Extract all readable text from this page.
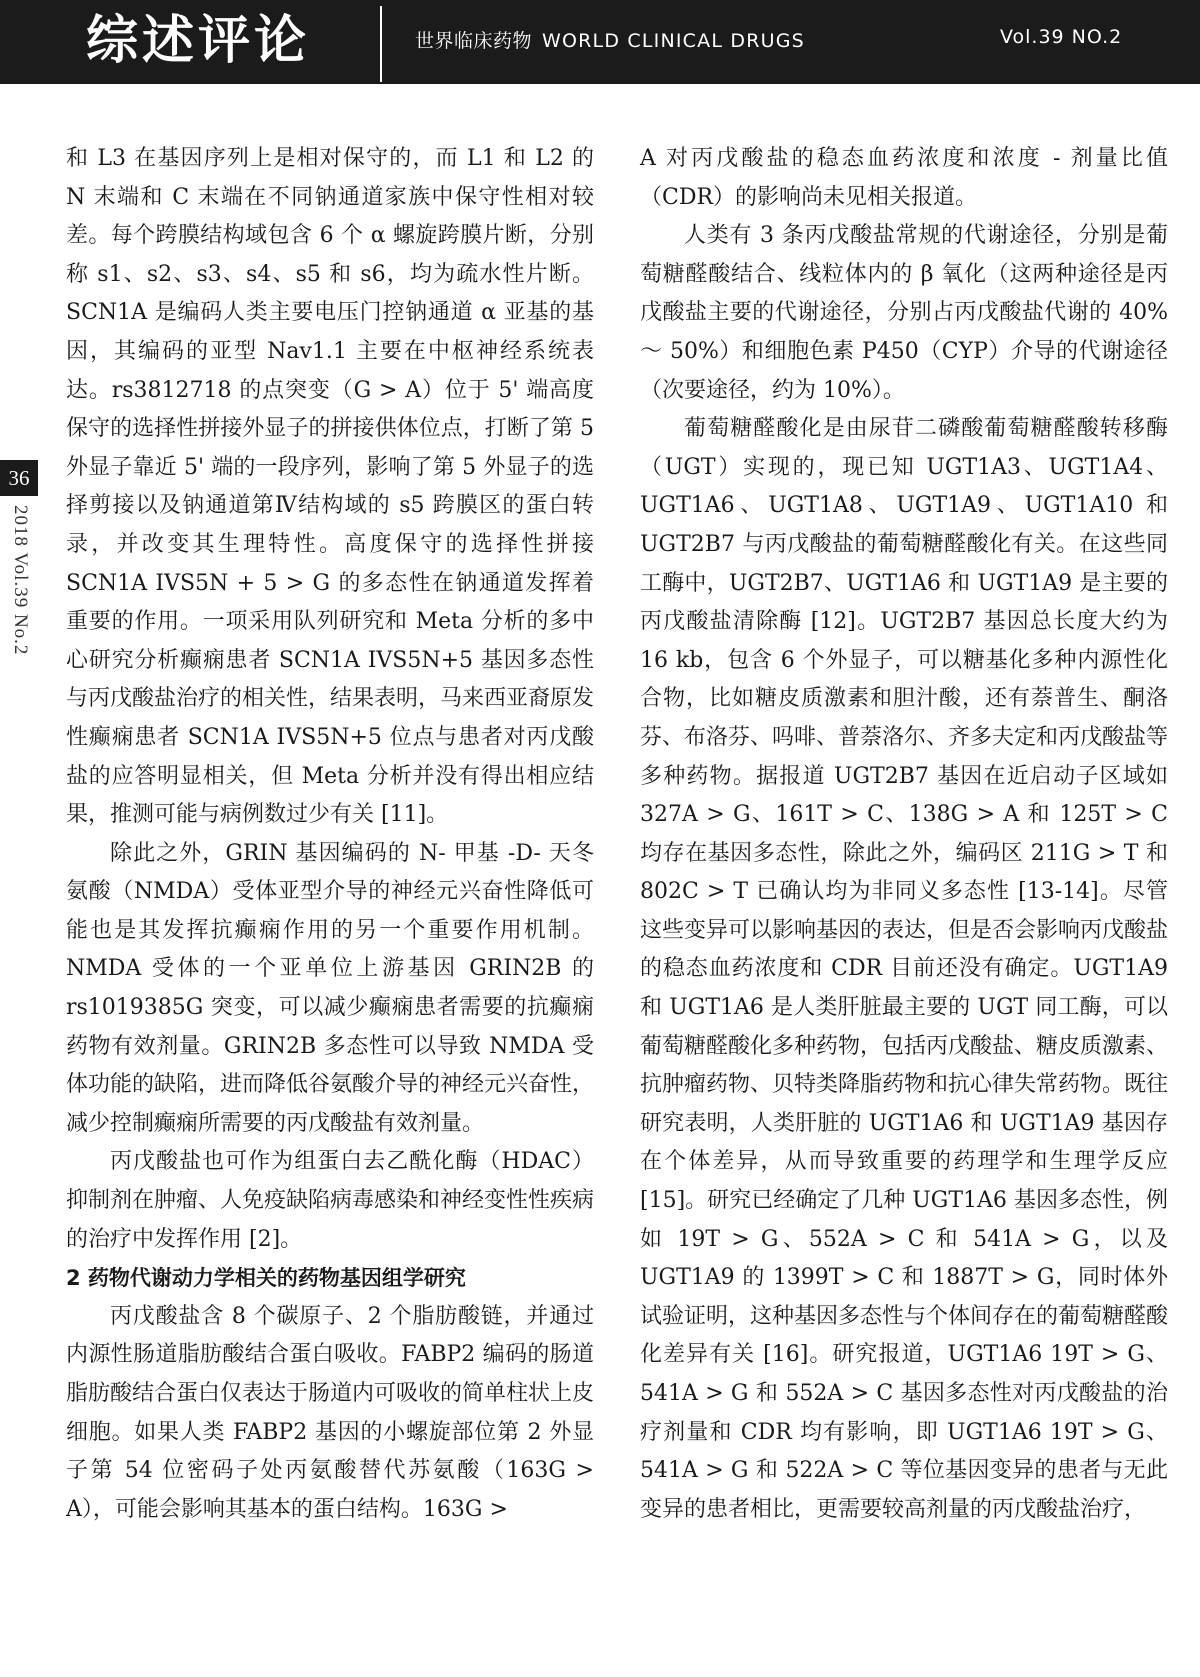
综述评论	世界临床药物 WORLD CLINICAL DRUGS	Vol.39 NO.2
36
2018 Vol.39 No.2

和 L3 在基因序列上是相对保守的，而 L1 和 L2 的 N 末端和 C 末端在不同钠通道家族中保守性相对较差。每个跨膜结构域包含 6 个 α 螺旋跨膜片断，分别称 s1、s2、s3、s4、s5 和 s6，均为疏水性片断。SCN1A 是编码人类主要电压门控钠通道 α 亚基的基因，其编码的亚型 Nav1.1 主要在中枢神经系统表达。rs3812718 的点突变（G > A）位于 5' 端高度保守的选择性拼接外显子的拼接供体位点，打断了第 5 外显子靠近 5' 端的一段序列，影响了第 5 外显子的选择剪接以及钠通道第Ⅳ结构域的 s5 跨膜区的蛋白转录，并改变其生理特性。高度保守的选择性拼接 SCN1A IVS5N + 5 > G 的多态性在钠通道发挥着重要的作用。一项采用队列研究和 Meta 分析的多中心研究分析癫痫患者 SCN1A IVS5N+5 基因多态性与丙戊酸盐治疗的相关性，结果表明，马来西亚裔原发性癫痫患者 SCN1A IVS5N+5 位点与患者对丙戊酸盐的应答明显相关，但 Meta 分析并没有得出相应结果，推测可能与病例数过少有关 [11]。

除此之外，GRIN 基因编码的 N- 甲基 -D- 天冬氨酸（NMDA）受体亚型介导的神经元兴奋性降低可能也是其发挥抗癫痫作用的另一个重要作用机制。NMDA 受体的一个亚单位上游基因 GRIN2B 的 rs1019385G 突变，可以减少癫痫患者需要的抗癫痫药物有效剂量。GRIN2B 多态性可以导致 NMDA 受体功能的缺陷，进而降低谷氨酸介导的神经元兴奋性，减少控制癫痫所需要的丙戊酸盐有效剂量。

丙戊酸盐也可作为组蛋白去乙酰化酶（HDAC）抑制剂在肿瘤、人免疫缺陷病毒感染和神经变性性疾病的治疗中发挥作用 [2]。

2 药物代谢动力学相关的药物基因组学研究

丙戊酸盐含 8 个碳原子、2 个脂肪酸链，并通过内源性肠道脂肪酸结合蛋白吸收。FABP2 编码的肠道脂肪酸结合蛋白仅表达于肠道内可吸收的简单柱状上皮细胞。如果人类 FABP2 基因的小螺旋部位第 2 外显子第 54 位密码子处丙氨酸替代苏氨酸（163G > A），可能会影响其基本的蛋白结构。163G >

A 对丙戊酸盐的稳态血药浓度和浓度 - 剂量比值（CDR）的影响尚未见相关报道。

人类有 3 条丙戊酸盐常规的代谢途径，分别是葡萄糖醛酸结合、线粒体内的 β 氧化（这两种途径是丙戊酸盐主要的代谢途径，分别占丙戊酸盐代谢的 40% ～ 50%）和细胞色素 P450（CYP）介导的代谢途径（次要途径，约为 10%）。

葡萄糖醛酸化是由尿苷二磷酸葡萄糖醛酸转移酶（UGT）实现的，现已知 UGT1A3、UGT1A4、UGT1A6、UGT1A8、UGT1A9、UGT1A10 和 UGT2B7 与丙戊酸盐的葡萄糖醛酸化有关。在这些同工酶中，UGT2B7、UGT1A6 和 UGT1A9 是主要的丙戊酸盐清除酶 [12]。UGT2B7 基因总长度大约为 16 kb，包含 6 个外显子，可以糖基化多种内源性化合物，比如糖皮质激素和胆汁酸，还有萘普生、酮洛芬、布洛芬、吗啡、普萘洛尔、齐多夫定和丙戊酸盐等多种药物。据报道 UGT2B7 基因在近启动子区域如 327A > G、161T > C、138G > A 和 125T > C 均存在基因多态性，除此之外，编码区 211G > T 和 802C > T 已确认均为非同义多态性 [13-14]。尽管这些变异可以影响基因的表达，但是否会影响丙戊酸盐的稳态血药浓度和 CDR 目前还没有确定。UGT1A9 和 UGT1A6 是人类肝脏最主要的 UGT 同工酶，可以葡萄糖醛酸化多种药物，包括丙戊酸盐、糖皮质激素、抗肿瘤药物、贝特类降脂药物和抗心律失常药物。既往研究表明，人类肝脏的 UGT1A6 和 UGT1A9 基因存在个体差异，从而导致重要的药理学和生理学反应 [15]。研究已经确定了几种 UGT1A6 基因多态性，例如 19T > G、552A > C 和 541A > G，以及 UGT1A9 的 1399T > C 和 1887T > G，同时体外试验证明，这种基因多态性与个体间存在的葡萄糖醛酸化差异有关 [16]。研究报道，UGT1A6 19T > G、541A > G 和 552A > C 基因多态性对丙戊酸盐的治疗剂量和 CDR 均有影响，即 UGT1A6 19T > G、541A > G 和 522A > C 等位基因变异的患者与无此变异的患者相比，更需要较高剂量的丙戊酸盐治疗，
